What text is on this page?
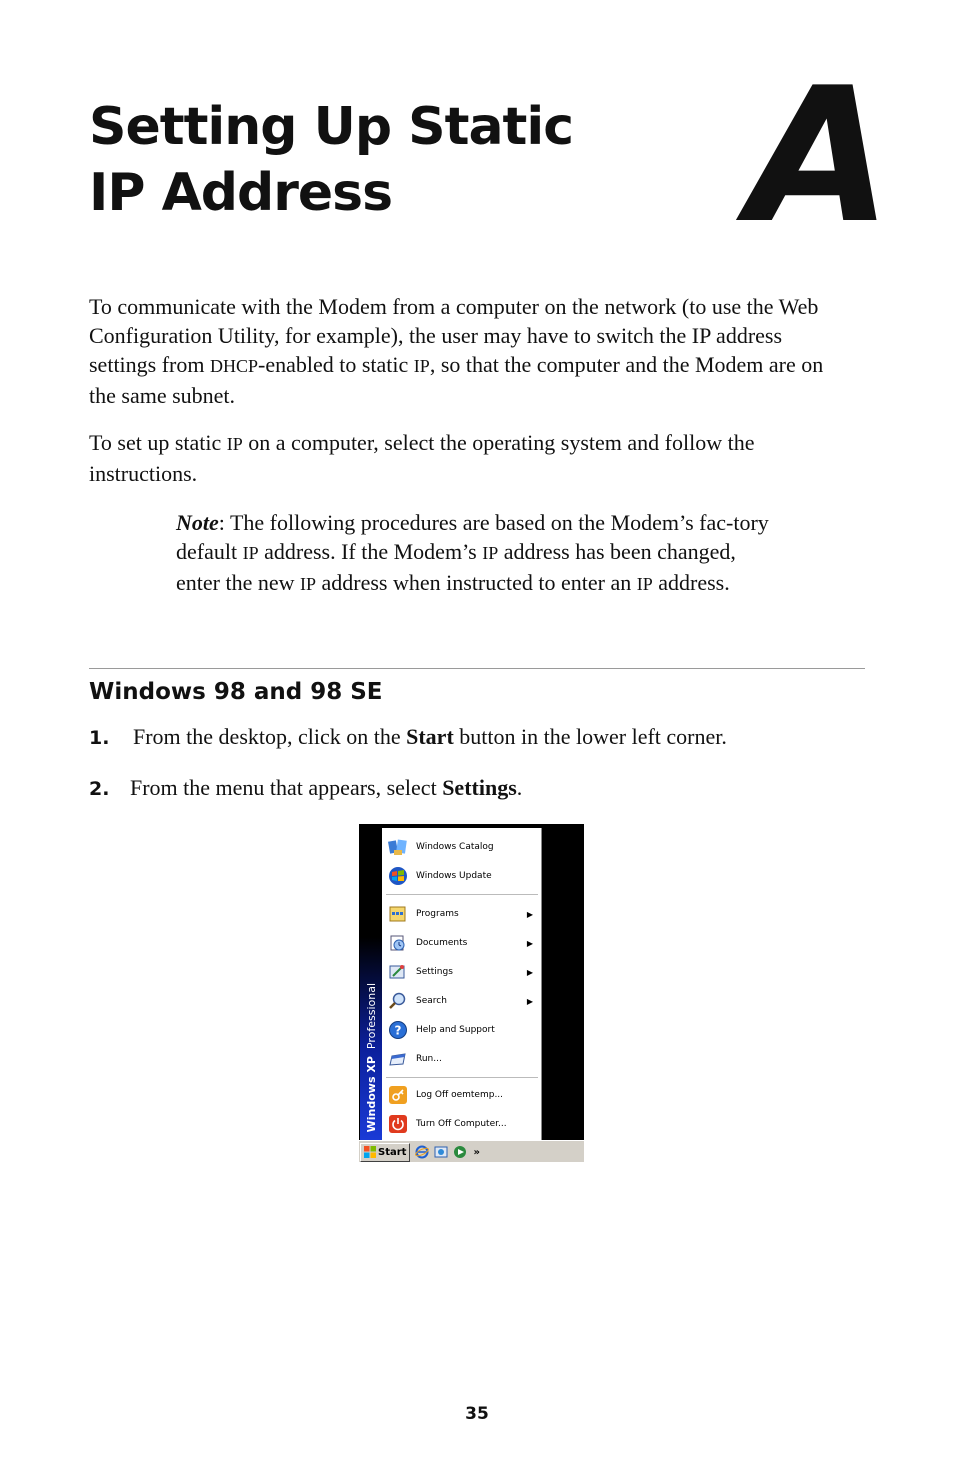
Setting Up Static
IP Address	A

To communicate with the Modem from a computer on the network (to use the Web Configuration Utility, for example), the user may have to switch the IP address settings from DHCP-enabled to static IP, so that the computer and the Modem are on the same subnet.

To set up static IP on a computer, select the operating system and follow the instructions.

Note: The following procedures are based on the Modem’s fac-tory default IP address. If the Modem’s IP address has been changed, enter the new IP address when instructed to enter an IP address.

Windows 98 and 98 SE

1. From the desktop, click on the Start button in the lower left corner.

2. From the menu that appears, select Settings.

Windows XP  Professional
Windows Catalog
Windows Update
Programs	▶
Documents	▶
Settings	▶
Search	▶
? Help and Support
Run...
Log Off oemtemp...
Turn Off Computer...
Start	»
35
